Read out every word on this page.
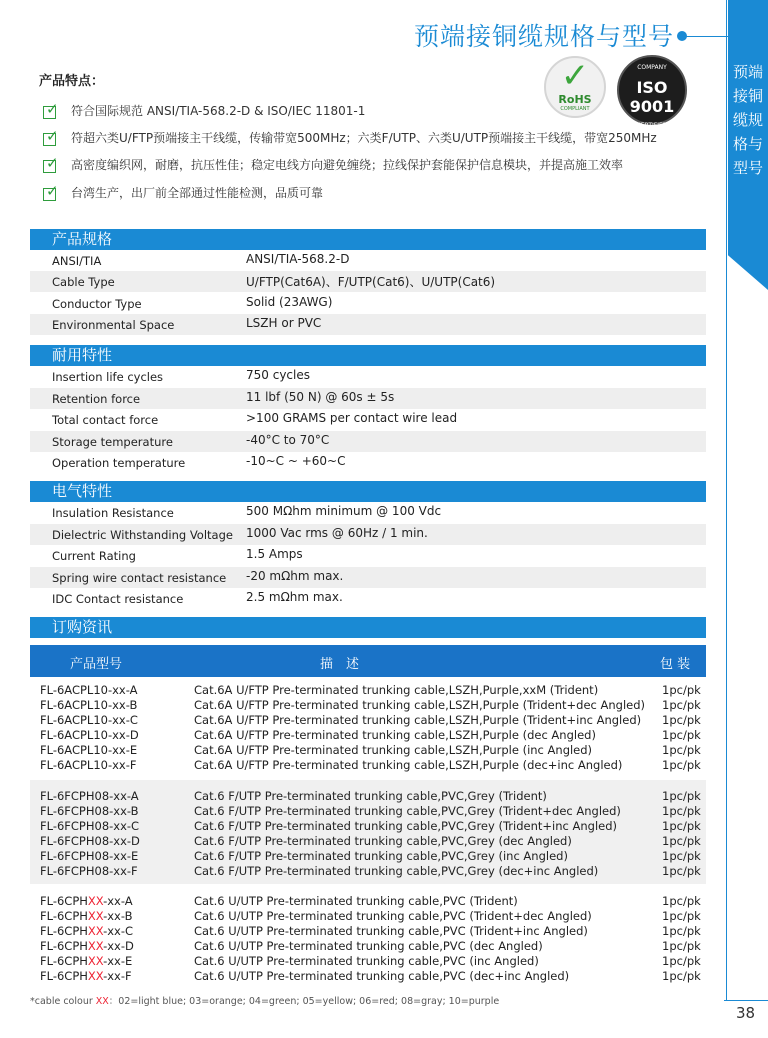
预端接铜缆规格与型号
预端接铜缆规格与型号
产品特点：
✓ 符合国际规范 ANSI/TIA-568.2-D & ISO/IEC 11801-1
✓ 符超六类U/FTP预端接主干线缆，传输带宽500MHz；六类F/UTP、六类U/UTP预端接主干线缆，带宽250MHz
✓ 高密度编织网，耐磨，抗压性佳；稳定电线方向避免缠绕；拉线保护套能保护信息模块，并提高施工效率
✓ 台湾生产，出厂前全部通过性能检测，品质可靠
✓
RoHS
COMPLIANT
COMPANY
ISO 9001
CERTIFIED
产品规格
ANSI/TIA	ANSI/TIA-568.2-D
Cable Type	U/FTP(Cat6A)、F/UTP(Cat6)、U/UTP(Cat6)
Conductor Type	Solid (23AWG)
Environmental Space	LSZH or PVC
耐用特性
Insertion life cycles	750 cycles
Retention force	11 lbf (50 N) @ 60s ± 5s
Total contact force	>100 GRAMS per contact wire lead
Storage temperature	-40°C to 70°C
Operation temperature	-10~C ~ +60~C
电气特性
Insulation Resistance	500 MΩhm minimum @ 100 Vdc
Dielectric Withstanding Voltage 1000 Vac rms @ 60Hz / 1 min.
Current Rating	1.5 Amps
Spring wire contact resistance -20 mΩhm max.
IDC Contact resistance	2.5 mΩhm max.
订购资讯
产品型号	描　述	包 装
FL-6ACPL10-xx-A	Cat.6A U/FTP Pre-terminated trunking cable,LSZH,Purple,xxM (Trident)	1pc/pk
FL-6ACPL10-xx-B	Cat.6A U/FTP Pre-terminated trunking cable,LSZH,Purple (Trident+dec Angled) 1pc/pk
FL-6ACPL10-xx-C	Cat.6A U/FTP Pre-terminated trunking cable,LSZH,Purple (Trident+inc Angled) 1pc/pk
FL-6ACPL10-xx-D	Cat.6A U/FTP Pre-terminated trunking cable,LSZH,Purple (dec Angled)	1pc/pk
FL-6ACPL10-xx-E	Cat.6A U/FTP Pre-terminated trunking cable,LSZH,Purple (inc Angled)	1pc/pk
FL-6ACPL10-xx-F	Cat.6A U/FTP Pre-terminated trunking cable,LSZH,Purple (dec+inc Angled)	1pc/pk
FL-6FCPH08-xx-A	Cat.6 F/UTP Pre-terminated trunking cable,PVC,Grey (Trident)	1pc/pk
FL-6FCPH08-xx-B	Cat.6 F/UTP Pre-terminated trunking cable,PVC,Grey (Trident+dec Angled)	1pc/pk
FL-6FCPH08-xx-C	Cat.6 F/UTP Pre-terminated trunking cable,PVC,Grey (Trident+inc Angled)	1pc/pk
FL-6FCPH08-xx-D	Cat.6 F/UTP Pre-terminated trunking cable,PVC,Grey (dec Angled)	1pc/pk
FL-6FCPH08-xx-E	Cat.6 F/UTP Pre-terminated trunking cable,PVC,Grey (inc Angled)	1pc/pk
FL-6FCPH08-xx-F	Cat.6 F/UTP Pre-terminated trunking cable,PVC,Grey (dec+inc Angled)	1pc/pk
FL-6CPHXX-xx-A	Cat.6 U/UTP Pre-terminated trunking cable,PVC (Trident)	1pc/pk
FL-6CPHXX-xx-B	Cat.6 U/UTP Pre-terminated trunking cable,PVC (Trident+dec Angled)	1pc/pk
FL-6CPHXX-xx-C	Cat.6 U/UTP Pre-terminated trunking cable,PVC (Trident+inc Angled)	1pc/pk
FL-6CPHXX-xx-D	Cat.6 U/UTP Pre-terminated trunking cable,PVC (dec Angled)	1pc/pk
FL-6CPHXX-xx-E	Cat.6 U/UTP Pre-terminated trunking cable,PVC (inc Angled)	1pc/pk
FL-6CPHXX-xx-F	Cat.6 U/UTP Pre-terminated trunking cable,PVC (dec+inc Angled)	1pc/pk
*cable colour XX：02=light blue; 03=orange; 04=green; 05=yellow; 06=red; 08=gray; 10=purple
38
